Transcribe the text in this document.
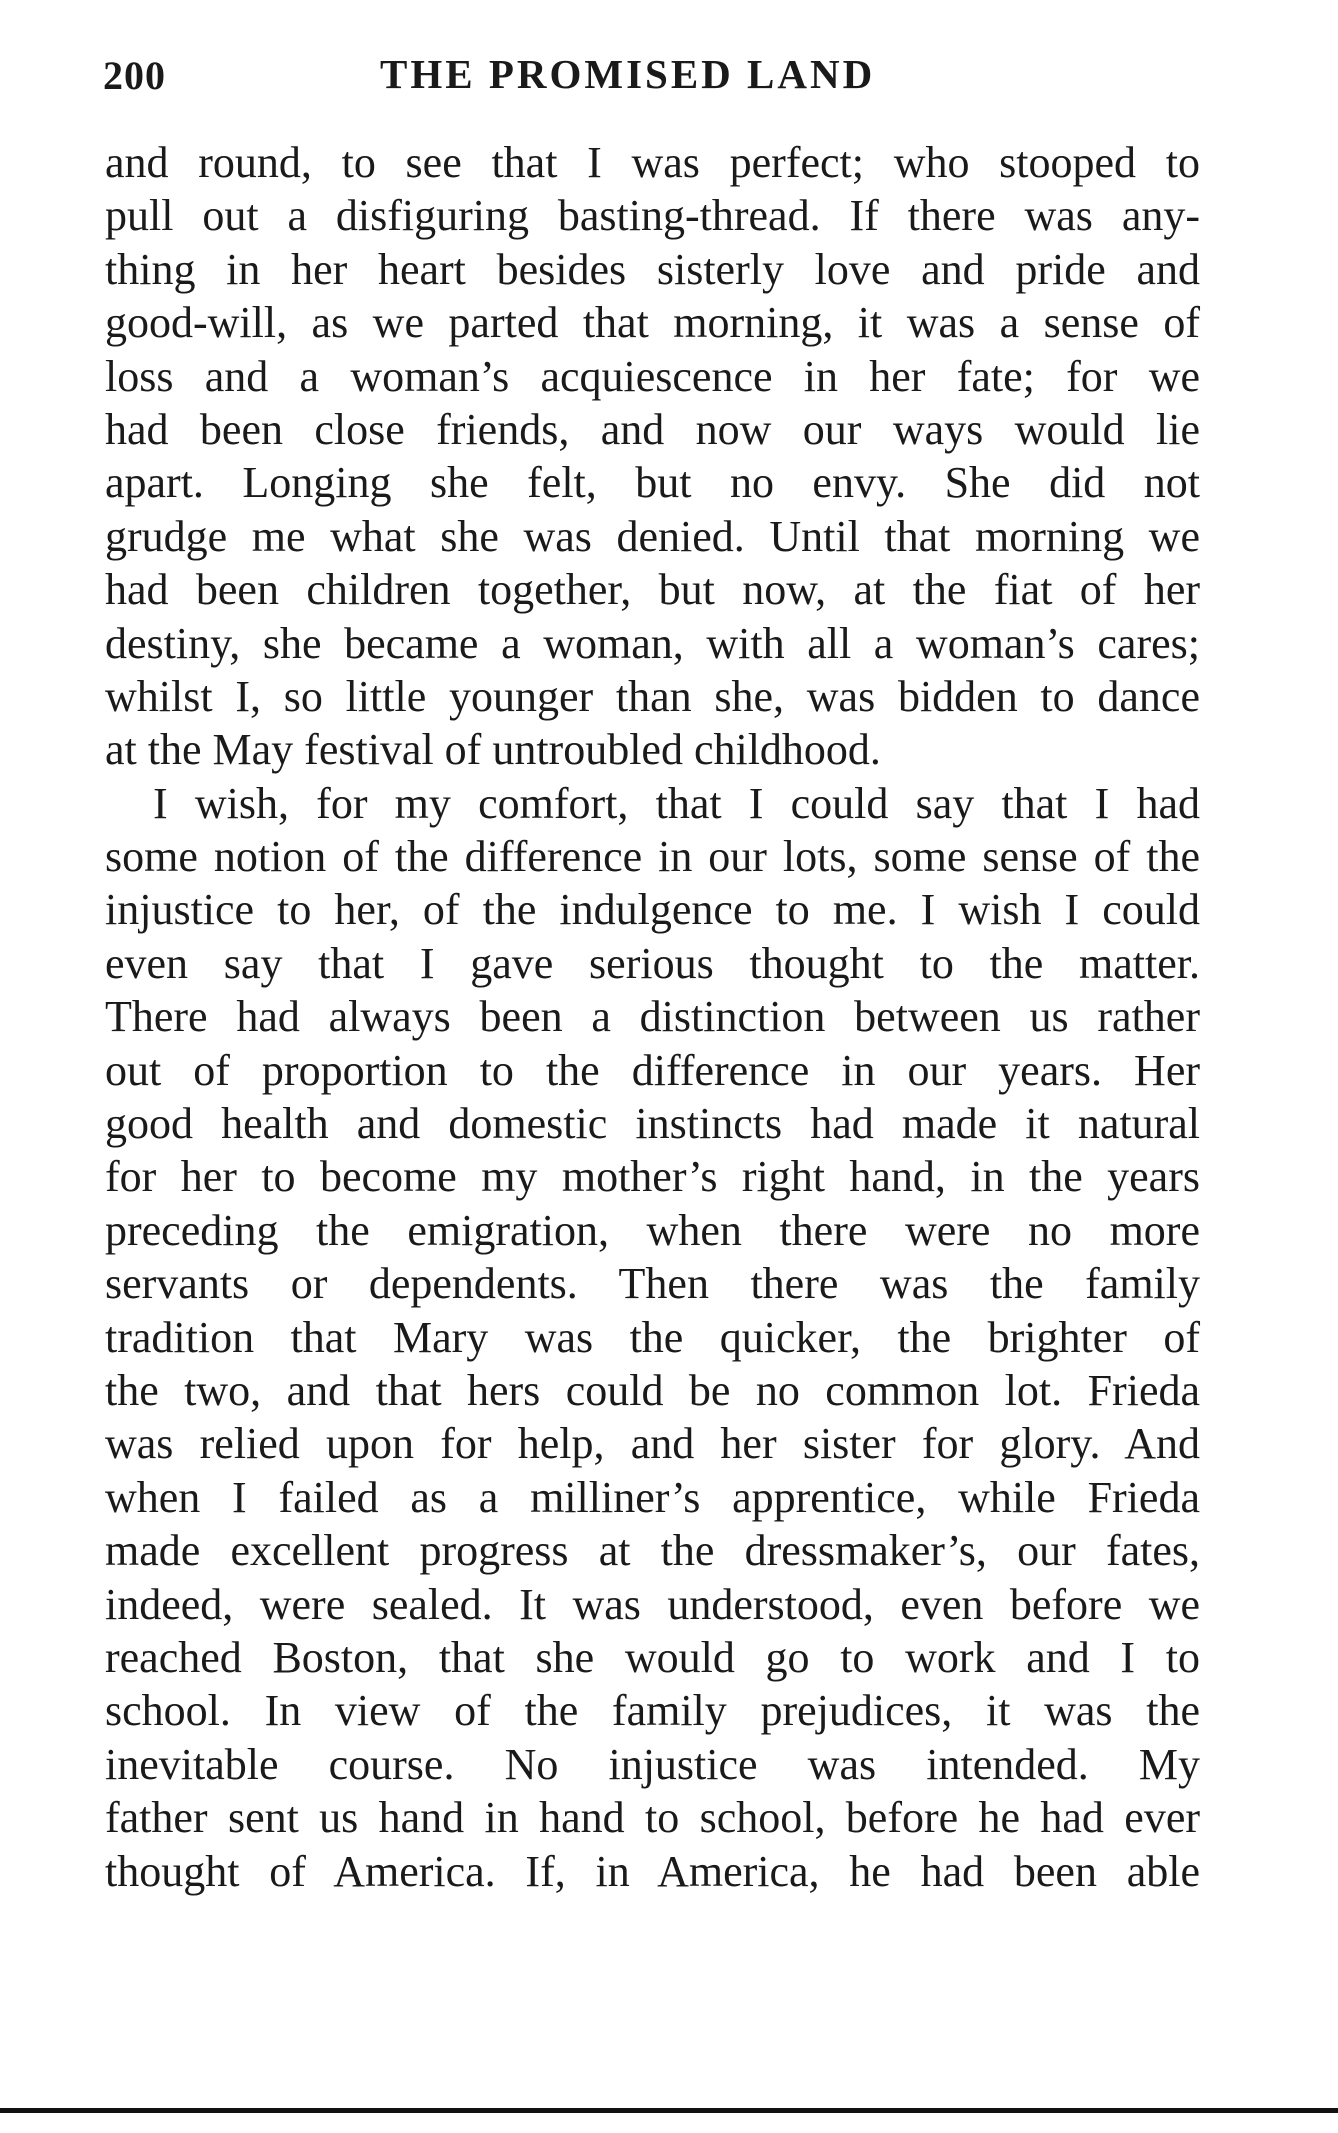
200	THE PROMISED LAND
and round, to see that I was perfect; who stooped to
pull out a disfiguring basting-thread. If there was any-
thing in her heart besides sisterly love and pride and
good-will, as we parted that morning, it was a sense of
loss and a woman’s acquiescence in her fate; for we
had been close friends, and now our ways would lie
apart. Longing she felt, but no envy. She did not
grudge me what she was denied. Until that morning we
had been children together, but now, at the fiat of her
destiny, she became a woman, with all a woman’s cares;
whilst I, so little younger than she, was bidden to dance
at the May festival of untroubled childhood.
I wish, for my comfort, that I could say that I had
some notion of the difference in our lots, some sense of the
injustice to her, of the indulgence to me. I wish I could
even say that I gave serious thought to the matter.
There had always been a distinction between us rather
out of proportion to the difference in our years. Her
good health and domestic instincts had made it natural
for her to become my mother’s right hand, in the years
preceding the emigration, when there were no more
servants or dependents. Then there was the family
tradition that Mary was the quicker, the brighter of
the two, and that hers could be no common lot. Frieda
was relied upon for help, and her sister for glory. And
when I failed as a milliner’s apprentice, while Frieda
made excellent progress at the dressmaker’s, our fates,
indeed, were sealed. It was understood, even before we
reached Boston, that she would go to work and I to
school. In view of the family prejudices, it was the
inevitable course. No injustice was intended. My
father sent us hand in hand to school, before he had ever
thought of America. If, in America, he had been able
